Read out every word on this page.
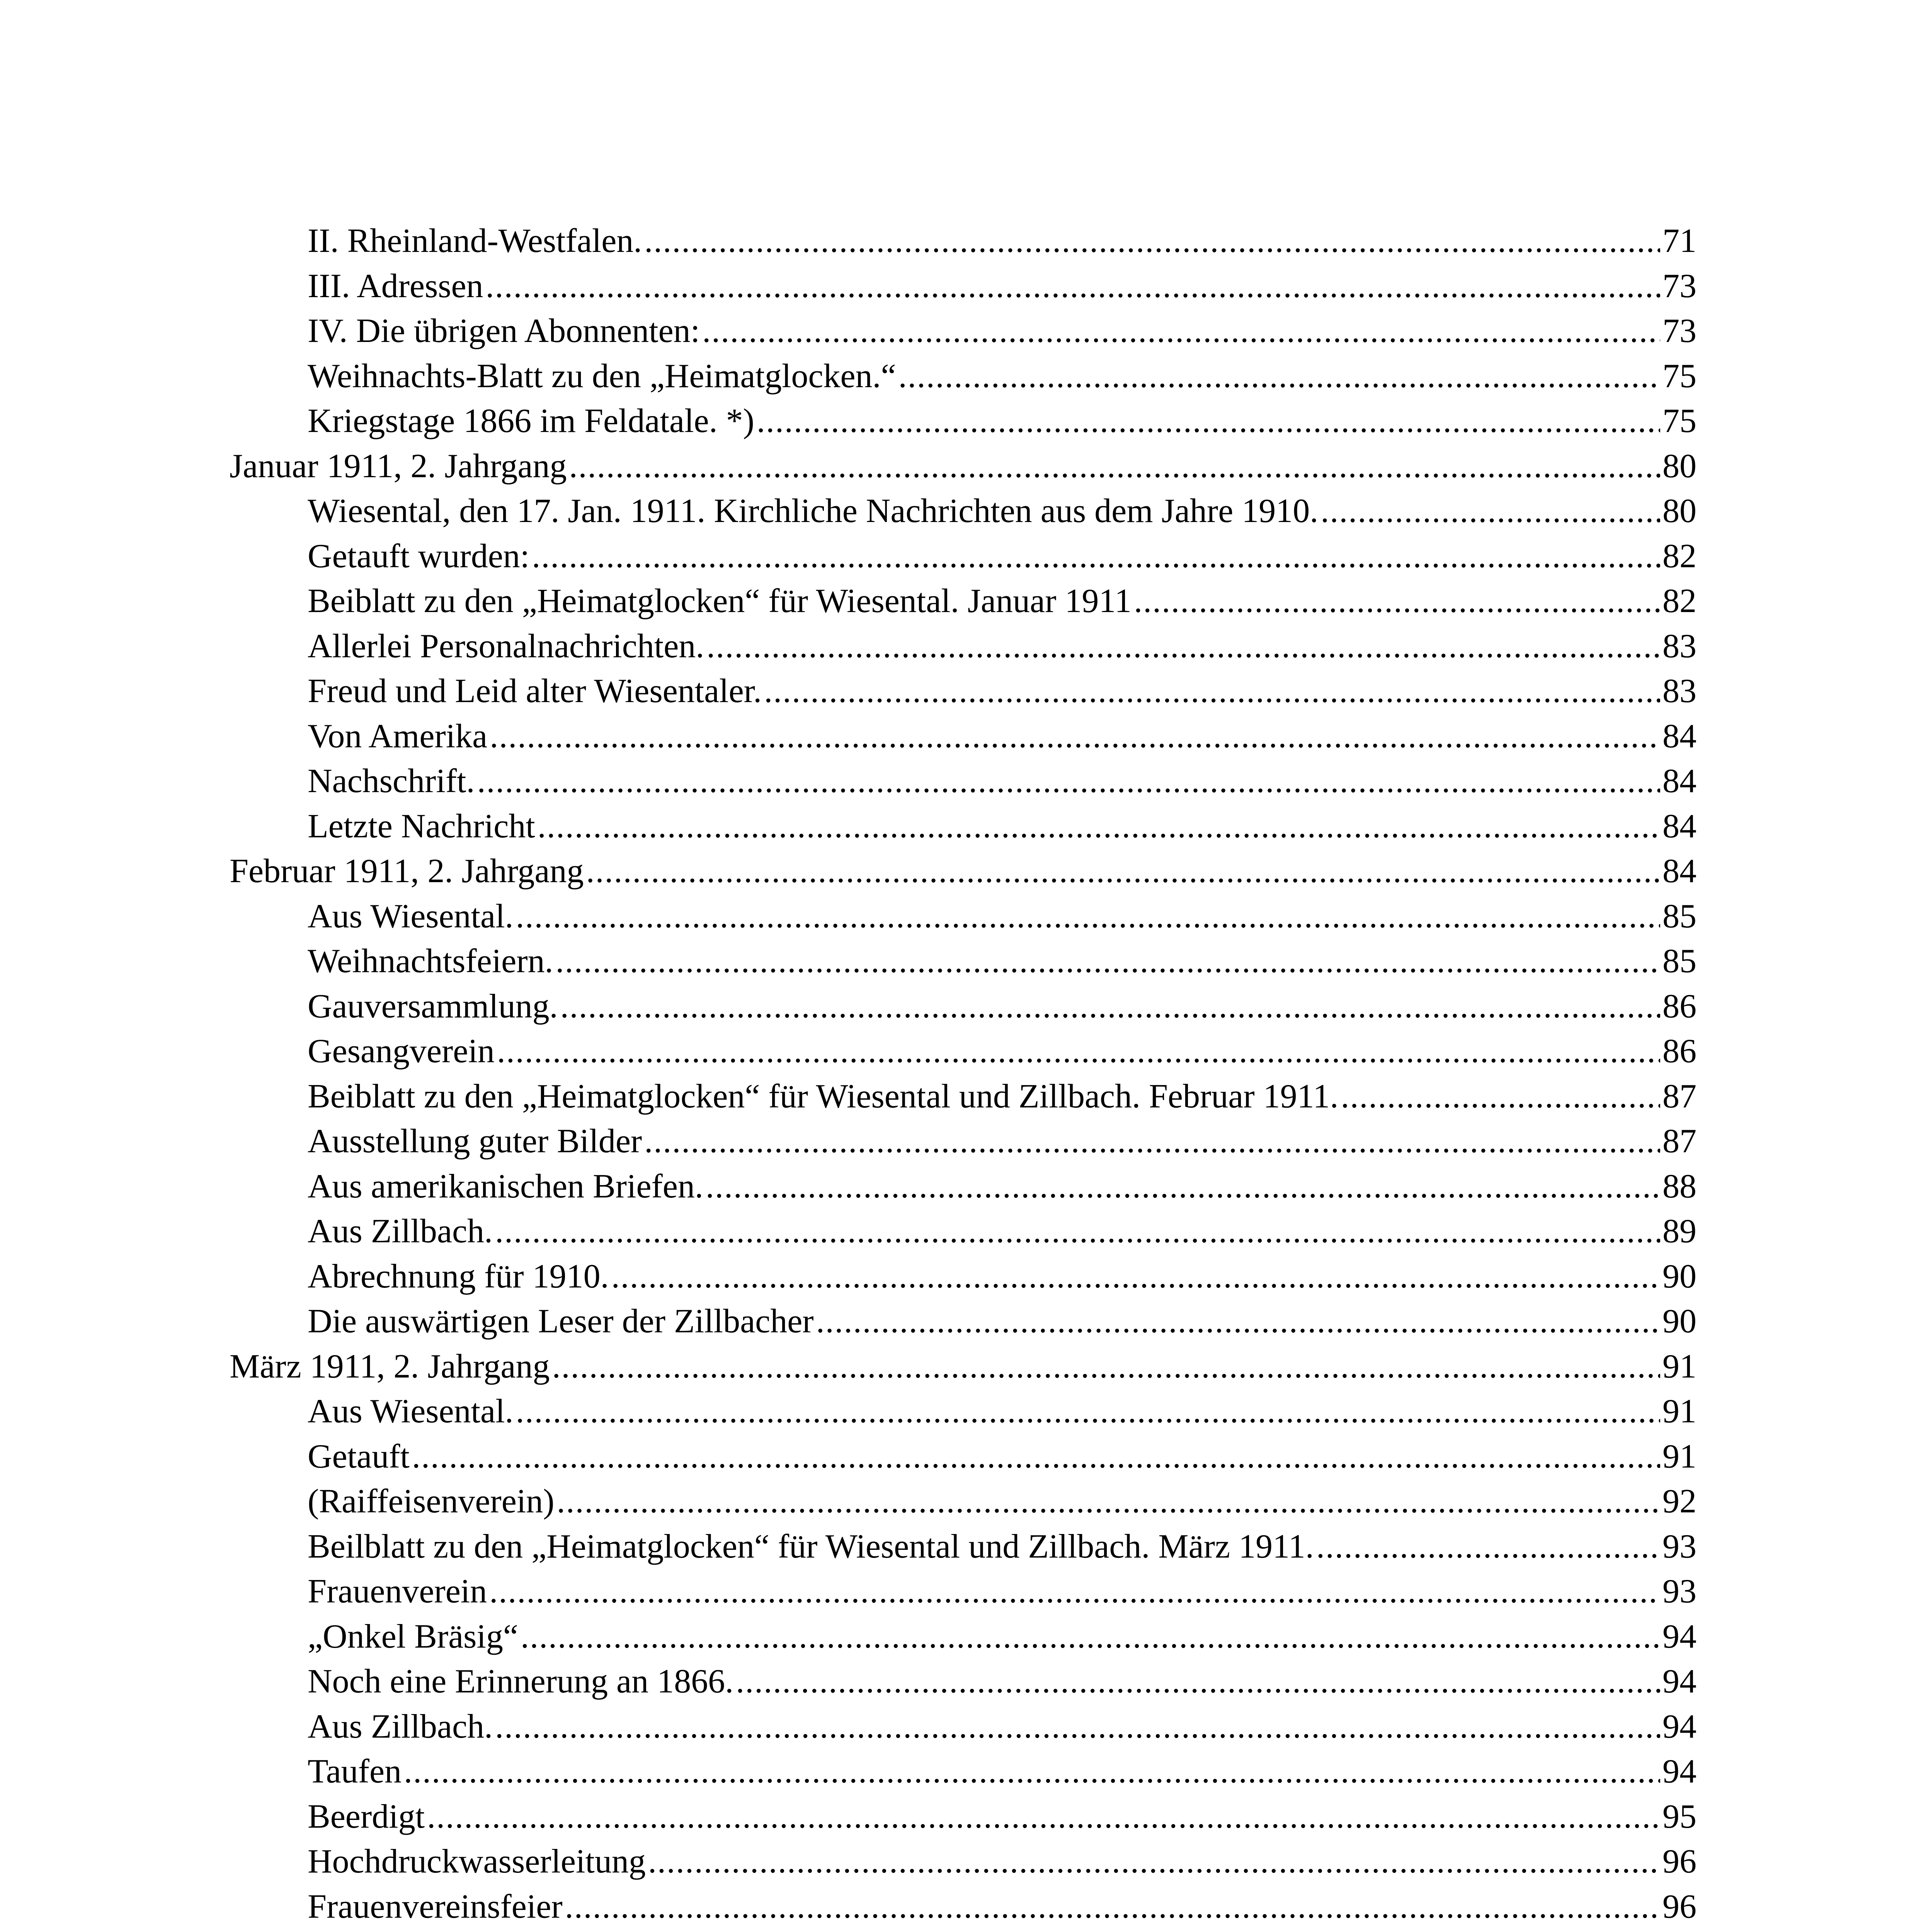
II. Rheinland-Westfalen. .....	71
III. Adressen .....	73
IV. Die übrigen Abonnenten: .....	73
Weihnachts-Blatt zu den „Heimatglocken.“ .....	75
Kriegstage 1866 im Feldatale. *) .....	75
Januar 1911, 2. Jahrgang .....	80
Wiesental, den 17. Jan. 1911. Kirchliche Nachrichten aus dem Jahre 1910. .....	80
Getauft wurden: .....	82
Beiblatt zu den „Heimatglocken“ für Wiesental. Januar 1911 .....	82
Allerlei Personalnachrichten. .....	83
Freud und Leid alter Wiesentaler. .....	83
Von Amerika .....	84
Nachschrift. .....	84
Letzte Nachricht .....	84
Februar 1911, 2. Jahrgang .....	84
Aus Wiesental. .....	85
Weihnachtsfeiern. .....	85
Gauversammlung. .....	86
Gesangverein .....	86
Beiblatt zu den „Heimatglocken“ für Wiesental und Zillbach. Februar 1911. .....	87
Ausstellung guter Bilder .....	87
Aus amerikanischen Briefen. .....	88
Aus Zillbach. .....	89
Abrechnung für 1910. .....	90
Die auswärtigen Leser der Zillbacher .....	90
März 1911, 2. Jahrgang .....	91
Aus Wiesental. .....	91
Getauft .....	91
(Raiffeisenverein) .....	92
Beilblatt zu den „Heimatglocken“ für Wiesental und Zillbach. März 1911. .....	93
Frauenverein .....	93
„Onkel Bräsig“ .....	94
Noch eine Erinnerung an 1866. .....	94
Aus Zillbach. .....	94
Taufen .....	94
Beerdigt .....	95
Hochdruckwasserleitung .....	96
Frauenvereinsfeier .....	96
.....
